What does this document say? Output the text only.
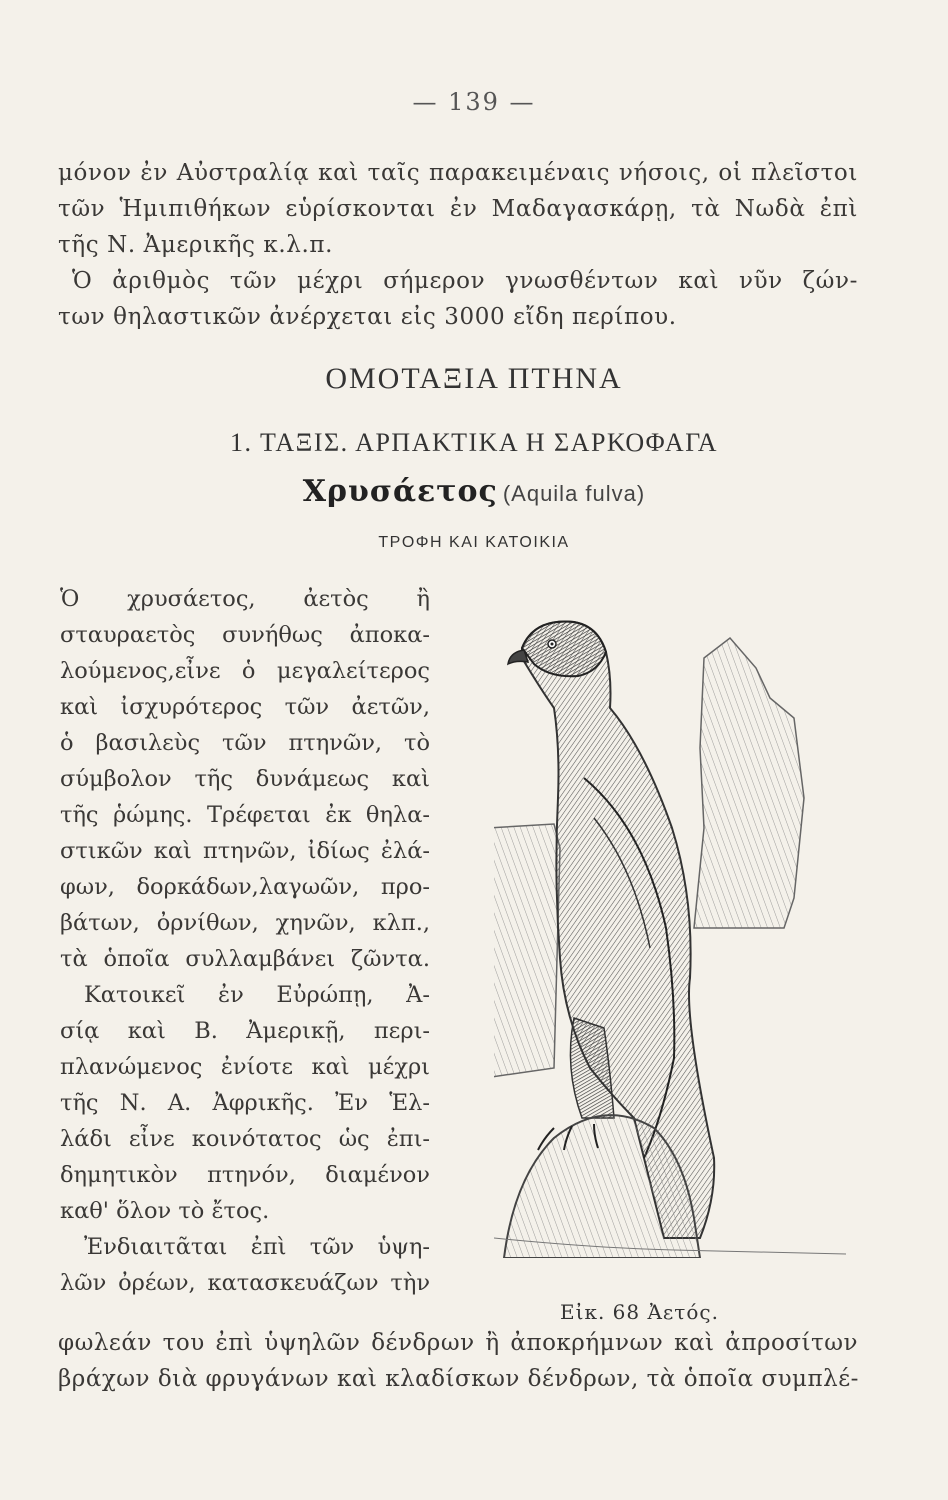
— 139 —
μόνον ἐν Αὐστραλίᾳ καὶ ταῖς παρακειμέναις νήσοις, οἱ πλεῖστοι
τῶν Ἡμιπιθήκων εὑρίσκονται ἐν Μαδαγασκάρῃ, τὰ Νωδὰ ἐπὶ
τῆς Ν. Ἀμερικῆς κ.λ.π.
Ὁ ἀριθμὸς τῶν μέχρι σήμερον γνωσθέντων καὶ νῦν ζών-
των θηλαστικῶν ἀνέρχεται εἰς 3000 εἴδη περίπου.
ΟΜΟΤΑΞΙΑ ΠΤΗΝΑ
1. ΤΑΞΙΣ. ΑΡΠΑΚΤΙΚΑ Η ΣΑΡΚΟΦΑΓΑ
Χρυσάετος (Aquila fulva)
ΤΡΟΦΗ ΚΑΙ ΚΑΤΟΙΚΙΑ
Ὁ χρυσάετος, ἀετὸς ἢ
σταυραετὸς συνήθως ἀποκα-
λούμενος,εἶνε ὁ μεγαλείτερος
καὶ ἰσχυρότερος τῶν ἀετῶν,
ὁ βασιλεὺς τῶν πτηνῶν, τὸ
σύμβολον τῆς δυνάμεως καὶ
τῆς ῥώμης. Τρέφεται ἐκ θηλα-
στικῶν καὶ πτηνῶν, ἰδίως ἐλά-
φων, δορκάδων,λαγωῶν, προ-
βάτων, ὀρνίθων, χηνῶν, κλπ.,
τὰ ὁποῖα συλλαμβάνει ζῶντα.
Κατοικεῖ ἐν Εὐρώπῃ, Ἀ-
σίᾳ καὶ Β. Ἀμερικῇ, περι-
πλανώμενος ἐνίοτε καὶ μέχρι
τῆς Ν. Α. Ἀφρικῆς. Ἐν Ἑλ-
λάδι εἶνε κοινότατος ὡς ἐπι-
δημητικὸν πτηνόν, διαμένον
καθ' ὅλον τὸ ἔτος.
Ἐνδιαιτᾶται ἐπὶ τῶν ὑψη-
λῶν ὀρέων, κατασκευάζων τὴν
Εἰκ. 68 Ἀετός.
φωλεάν του ἐπὶ ὑψηλῶν δένδρων ἢ ἀποκρήμνων καὶ ἀπροσίτων
βράχων διὰ φρυγάνων καὶ κλαδίσκων δένδρων, τὰ ὁποῖα συμπλέ-
